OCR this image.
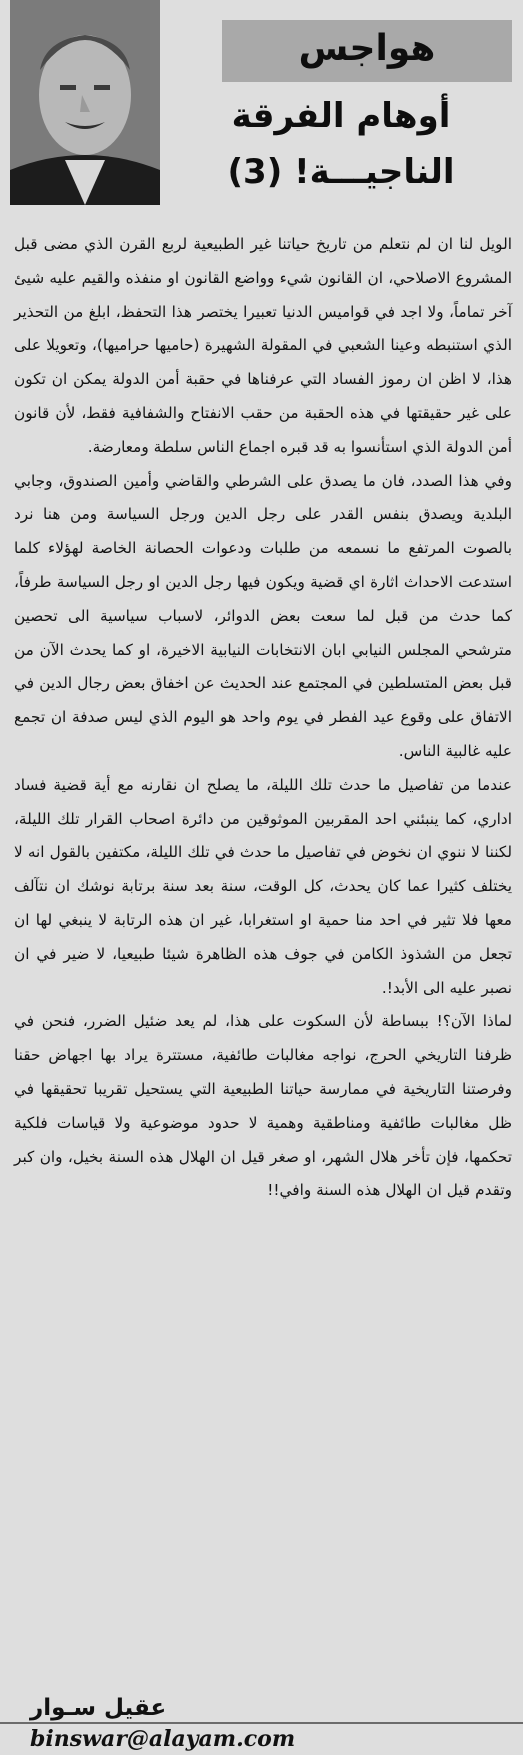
هواجس
أوهام الفرقة
الناجيـــة! (3)

الويل لنا ان لم نتعلم من تاريخ حياتنا غير الطبيعية لربع القرن الذي مضى قبل المشروع الاصلاحي، ان القانون شيء وواضع القانون او منفذه والقيم عليه شيئ آخر تماماً، ولا اجد في قواميس الدنيا تعبيرا يختصر هذا التحفظ، ابلغ من التحذير الذي استنبطه وعينا الشعبي في المقولة الشهيرة (حاميها حراميها)، وتعويلا على هذا، لا اظن ان رموز الفساد التي عرفناها في حقبة أمن الدولة يمكن ان تكون على غير حقيقتها في هذه الحقبة من حقب الانفتاح والشفافية فقط، لأن قانون أمن الدولة الذي استأنسوا به قد قبره اجماع الناس سلطة ومعارضة.

وفي هذا الصدد، فان ما يصدق على الشرطي والقاضي وأمين الصندوق، وجابي البلدية ويصدق بنفس القدر على رجل الدين ورجل السياسة ومن هنا نرد بالصوت المرتفع ما نسمعه من طلبات ودعوات الحصانة الخاصة لهؤلاء كلما استدعت الاحداث اثارة اي قضية ويكون فيها رجل الدين او رجل السياسة طرفاً، كما حدث من قبل لما سعت بعض الدوائر، لاسباب سياسية الى تحصين مترشحي المجلس النيابي ابان الانتخابات النيابية الاخيرة، او كما يحدث الآن من قبل بعض المتسلطين في المجتمع عند الحديث عن اخفاق بعض رجال الدين في الاتفاق على وقوع عيد الفطر في يوم واحد هو اليوم الذي ليس صدفة ان تجمع عليه غالبية الناس.

عندما من تفاصيل ما حدث تلك الليلة، ما يصلح ان نقارنه مع أية قضية فساد اداري، كما ينبئني احد المقربين الموثوقين من دائرة اصحاب القرار تلك الليلة، لكننا لا ننوي ان نخوض في تفاصيل ما حدث في تلك الليلة، مكتفين بالقول انه لا يختلف كثيرا عما كان يحدث، كل الوقت، سنة بعد سنة برتابة نوشك ان نتآلف معها فلا تثير في احد منا حمية او استغرابا، غير ان هذه الرتابة لا ينبغي لها ان تجعل من الشذوذ الكامن في جوف هذه الظاهرة شيئا طبيعيا، لا ضير في ان نصبر عليه الى الأبد!.

لماذا الآن؟! ببساطة لأن السكوت على هذا، لم يعد ضئيل الضرر، فنحن في ظرفنا التاريخي الحرج، نواجه مغالبات طائفية، مستترة يراد بها اجهاض حقنا وفرصتنا التاريخية في ممارسة حياتنا الطبيعية التي يستحيل تقريبا تحقيقها في ظل مغالبات طائفية ومناطقية وهمية لا حدود موضوعية ولا قياسات فلكية تحكمها، فإن تأخر هلال الشهر، او صغر قيل ان الهلال هذه السنة بخيل، وان كبر وتقدم قيل ان الهلال هذه السنة وافي!!

عقيل سـوار
binswar@alayam.com
